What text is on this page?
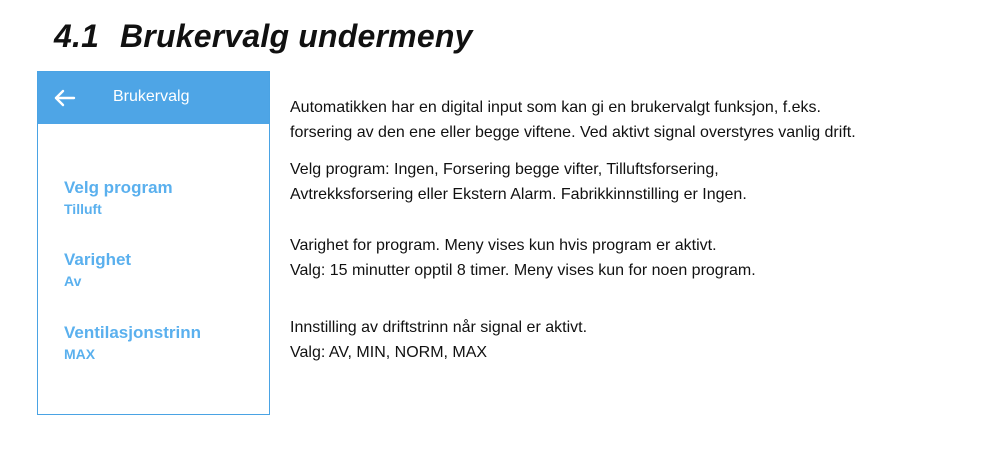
4.1 Brukervalg undermeny
Brukervalg
Velg program
Tilluft
Varighet
Av
Ventilasjonstrinn
MAX

Automatikken har en digital input som kan gi en brukervalgt funksjon, f.eks.

forsering av den ene eller begge viftene. Ved aktivt signal overstyres vanlig drift.

Velg program: Ingen, Forsering begge vifter, Tilluftsforsering,

Avtrekksforsering eller Ekstern Alarm. Fabrikkinnstilling er Ingen.

Varighet for program. Meny vises kun hvis program er aktivt.

Valg: 15 minutter opptil 8 timer. Meny vises kun for noen program.

Innstilling av driftstrinn når signal er aktivt.

Valg: AV, MIN, NORM, MAX
